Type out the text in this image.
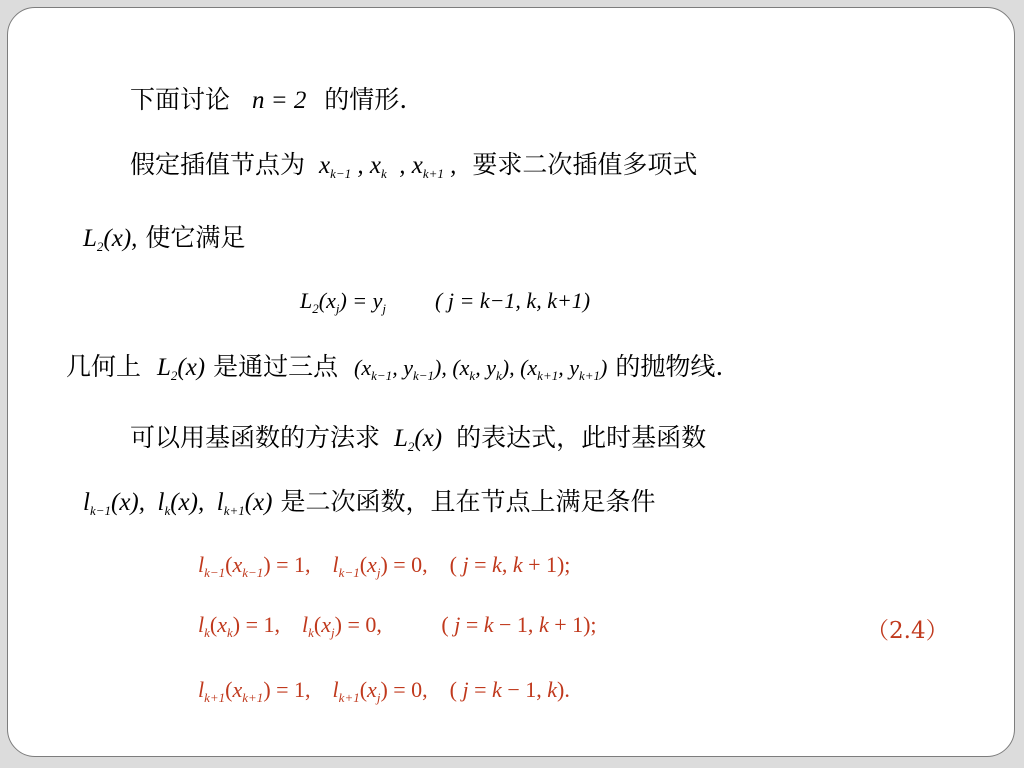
下面讨论 n = 2 的情形.
假定插值节点为 $x_{k-1}$ , $x_k$  , $x_{k+1}$ , 要求二次插值多项式
$L_2(x)$, 使它满足
$L_2(x_j) = y_j$ ( j = k−1, k, k+1)
几何上 $L_2(x)$ 是通过三点 ($x_{k-1}$, $y_{k-1}$), ($x_k$, $y_k$), ($x_{k+1}$, $y_{k+1}$) 的抛物线.
可以用基函数的方法求 $L_2(x)$ 的表达式，此时基函数
$l_{k-1}(x)$,  $l_k(x)$,  $l_{k+1}(x)$ 是二次函数，且在节点上满足条件
$l_{k-1}(x_{k-1}) = 1$,    $l_{k-1}(x_j) = 0$,    ( j = k, k + 1);
$l_k(x_k) = 1$,    $l_k(x_j) = 0$, ( j = k − 1, k + 1);	（2.4）
$l_{k+1}(x_{k+1}) = 1$,    $l_{k+1}(x_j) = 0$,    ( j = k − 1, k).
